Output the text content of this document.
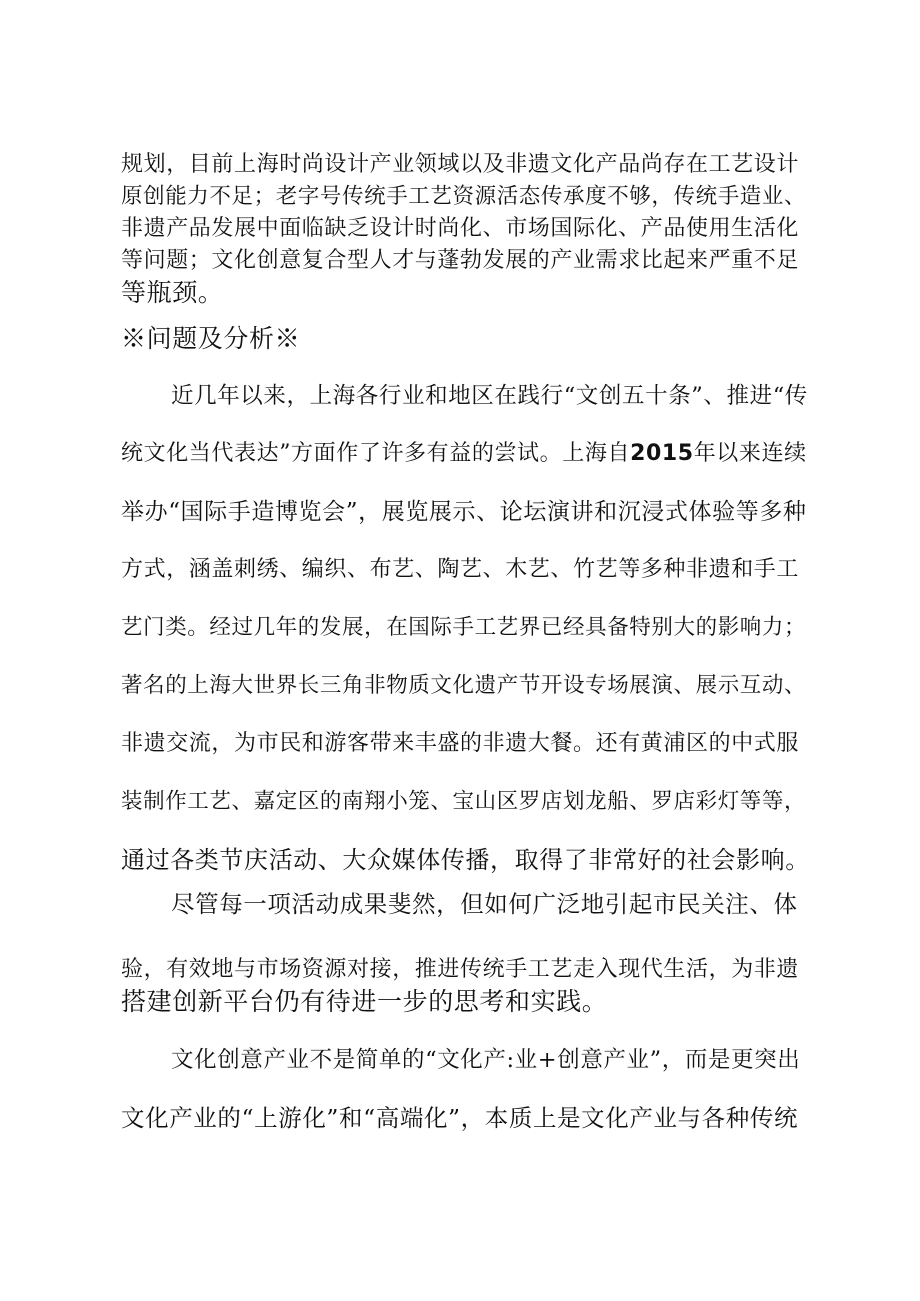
规划，目前上海时尚设计产业领域以及非遗文化产品尚存在工艺设计
原创能力不足；老字号传统手工艺资源活态传承度不够，传统手造业、
非遗产品发展中面临缺乏设计时尚化、市场国际化、产品使用生活化
等问题；文化创意复合型人才与蓬勃发展的产业需求比起来严重不足
等瓶颈。
※问题及分析※
近几年以来，上海各行业和地区在践行“文创五十条”、推进“传
统文化当代表达”方面作了许多有益的尝试。上海自2015年以来连续
举办“国际手造博览会”，展览展示、论坛演讲和沉浸式体验等多种
方式，涵盖刺绣、编织、布艺、陶艺、木艺、竹艺等多种非遗和手工
艺门类。经过几年的发展，在国际手工艺界已经具备特别大的影响力；
著名的上海大世界长三角非物质文化遗产节开设专场展演、展示互动、
非遗交流，为市民和游客带来丰盛的非遗大餐。还有黄浦区的中式服
装制作工艺、嘉定区的南翔小笼、宝山区罗店划龙船、罗店彩灯等等，
通过各类节庆活动、大众媒体传播，取得了非常好的社会影响。
尽管每一项活动成果斐然，但如何广泛地引起市民关注、体
验，有效地与市场资源对接，推进传统手工艺走入现代生活，为非遗
搭建创新平台仍有待进一步的思考和实践。
文化创意产业不是简单的“文化产:业+创意产业”，而是更突出
文化产业的“上游化”和“高端化”，本质上是文化产业与各种传统
